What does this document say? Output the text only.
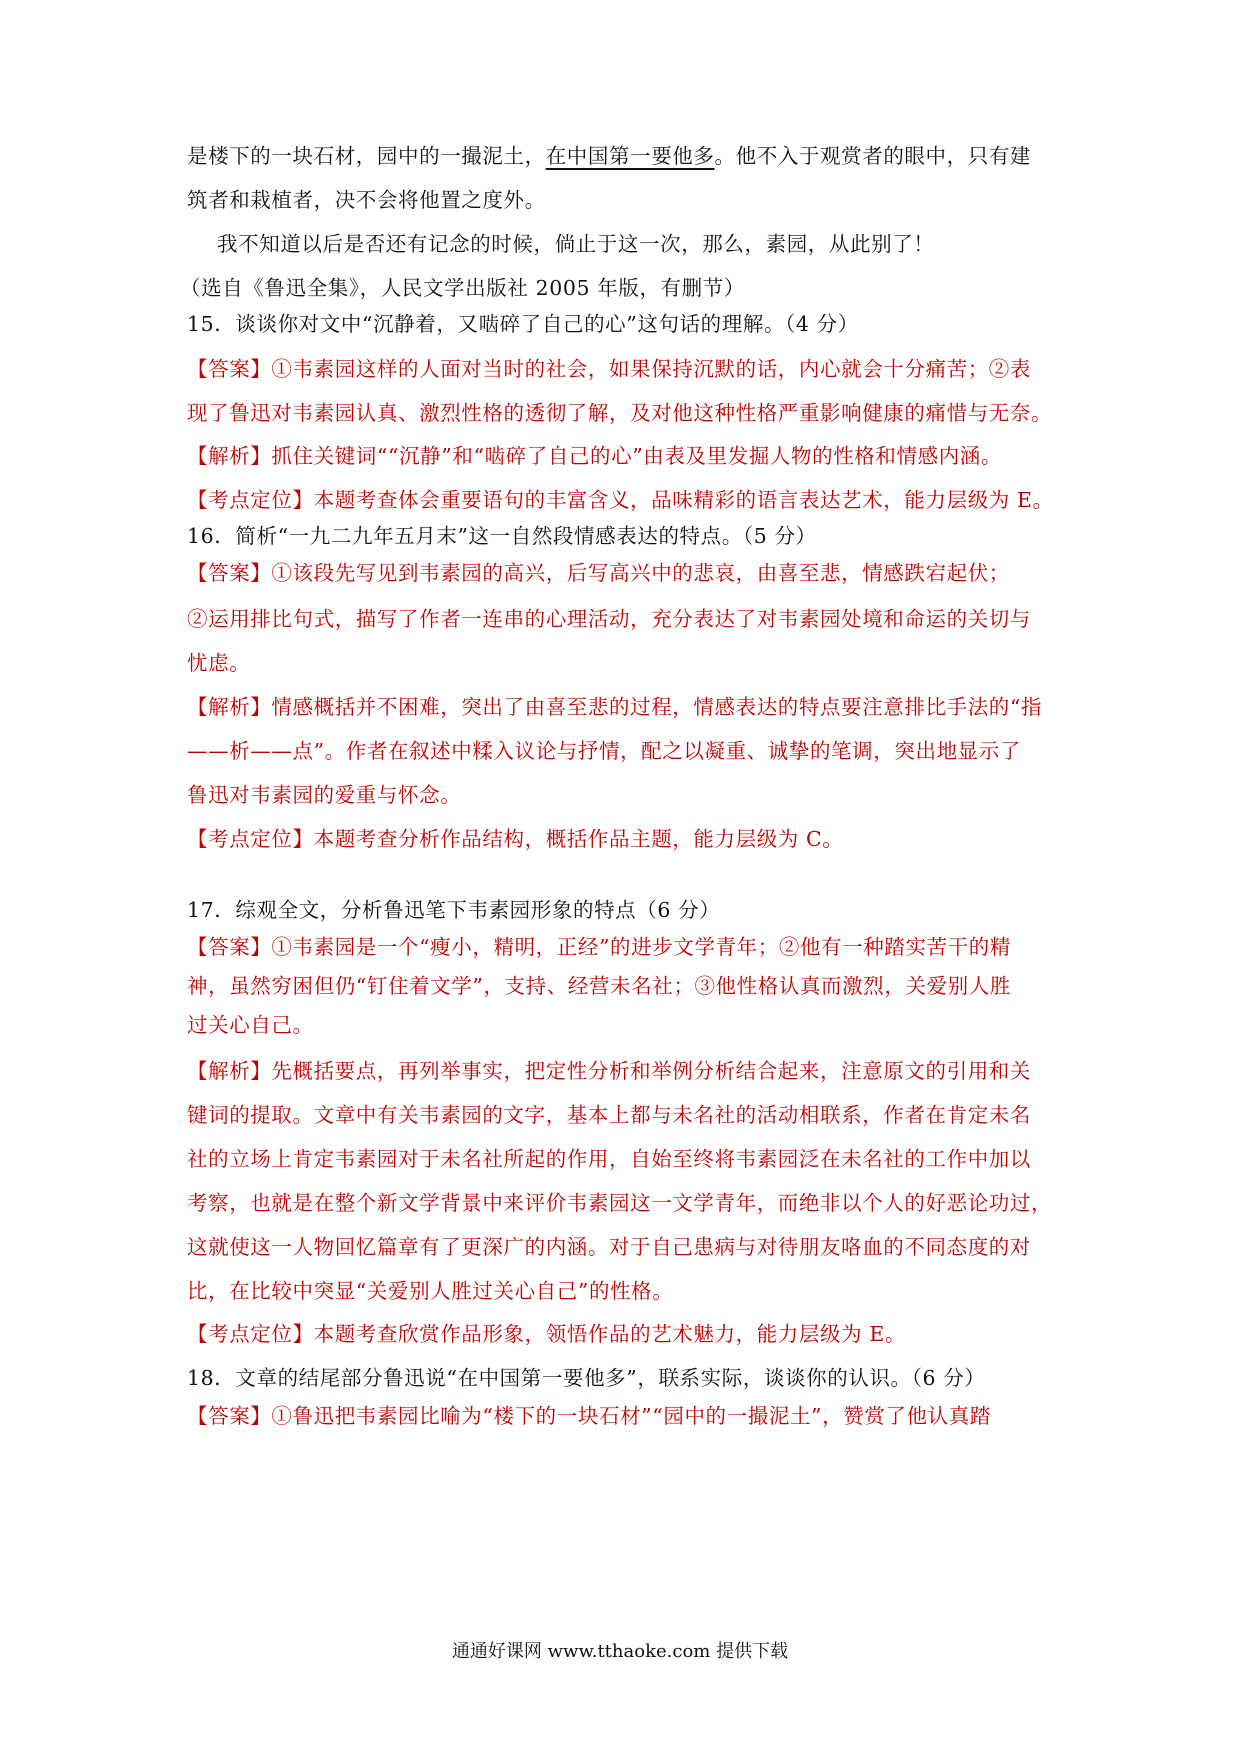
是楼下的一块石材，园中的一撮泥土，在中国第一要他多。他不入于观赏者的眼中，只有建
筑者和栽植者，决不会将他置之度外。
我不知道以后是否还有记念的时候，倘止于这一次，那么，素园，从此别了！
（选自《鲁迅全集》，人民文学出版社 2005 年版，有删节）
15．谈谈你对文中“沉静着，又啮碎了自己的心”这句话的理解。（4 分）
【答案】①韦素园这样的人面对当时的社会，如果保持沉默的话，内心就会十分痛苦；②表
现了鲁迅对韦素园认真、激烈性格的透彻了解，及对他这种性格严重影响健康的痛惜与无奈。
【解析】抓住关键词““沉静”和“啮碎了自己的心”由表及里发掘人物的性格和情感内涵。
【考点定位】本题考查体会重要语句的丰富含义，品味精彩的语言表达艺术，能力层级为 E。
16．简析“一九二九年五月末”这一自然段情感表达的特点。（5 分）
【答案】①该段先写见到韦素园的高兴，后写高兴中的悲哀，由喜至悲，情感跌宕起伏；
②运用排比句式，描写了作者一连串的心理活动，充分表达了对韦素园处境和命运的关切与
忧虑。
【解析】情感概括并不困难，突出了由喜至悲的过程，情感表达的特点要注意排比手法的“指
——析——点”。作者在叙述中糅入议论与抒情，配之以凝重、诚挚的笔调，突出地显示了
鲁迅对韦素园的爱重与怀念。
【考点定位】本题考查分析作品结构，概括作品主题，能力层级为 C。
17．综观全文，分析鲁迅笔下韦素园形象的特点（6 分）
【答案】①韦素园是一个“瘦小，精明，正经”的进步文学青年；②他有一种踏实苦干的精
神，虽然穷困但仍“钉住着文学”，支持、经营未名社；③他性格认真而激烈，关爱别人胜
过关心自己。
【解析】先概括要点，再列举事实，把定性分析和举例分析结合起来，注意原文的引用和关
键词的提取。文章中有关韦素园的文字，基本上都与未名社的活动相联系，作者在肯定未名
社的立场上肯定韦素园对于未名社所起的作用，自始至终将韦素园泛在未名社的工作中加以
考察，也就是在整个新文学背景中来评价韦素园这一文学青年，而绝非以个人的好恶论功过，
这就使这一人物回忆篇章有了更深广的内涵。对于自己患病与对待朋友咯血的不同态度的对
比，在比较中突显“关爱别人胜过关心自己”的性格。
【考点定位】本题考查欣赏作品形象，领悟作品的艺术魅力，能力层级为 E。
18．文章的结尾部分鲁迅说“在中国第一要他多”，联系实际，谈谈你的认识。（6 分）
【答案】①鲁迅把韦素园比喻为“楼下的一块石材”“园中的一撮泥土”，赞赏了他认真踏
通通好课网 www.tthaoke.com 提供下载
